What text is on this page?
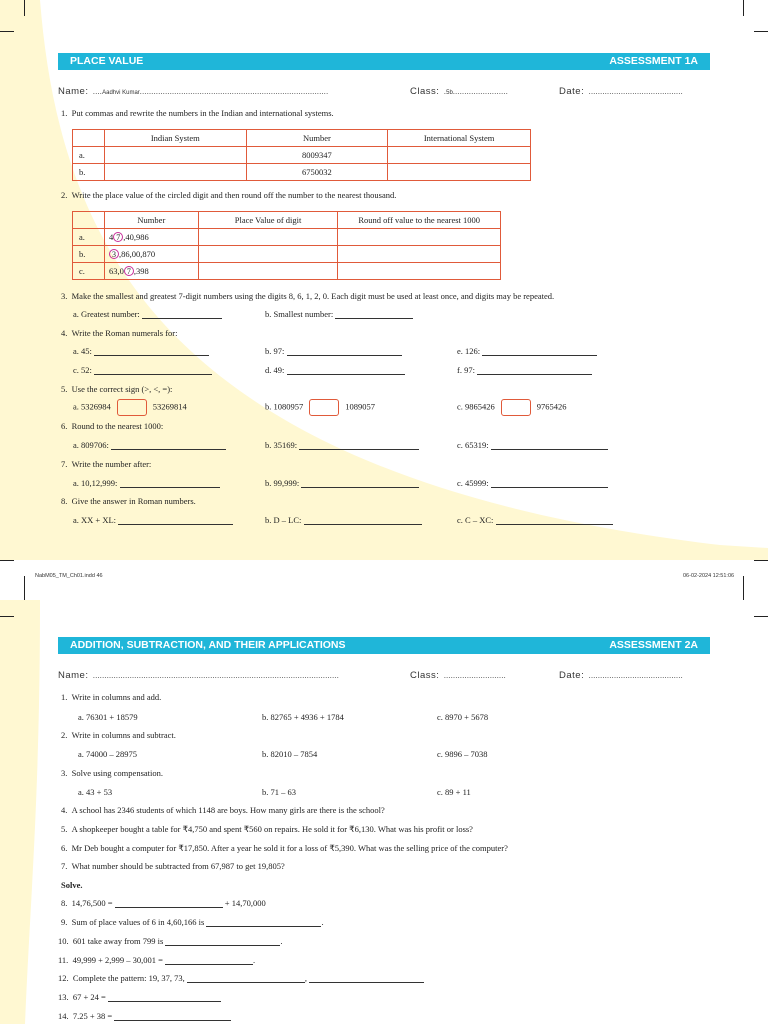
PLACE VALUE	ASSESSMENT 1A
Name:  ....Aadhvi Kumar..................................................................................	Class:  .5b........................	Date:  .........................................
1. Put commas and rewrite the numbers in the Indian and international systems.
	Indian System	Number	International System
a.		8009347	
b.		6750032	
2. Write the place value of the circled digit and then round off the number to the nearest thousand.
	Number	Place Value of digit	Round off value to the nearest 1000
a.	4 7 ,40,986		
b.	3 ,86,00,870		
c.	63,0 7 ,398		
3. Make the smallest and greatest 7-digit numbers using the digits 8, 6, 1, 2, 0. Each digit must be used at least once, and digits may be repeated.
a. Greatest number:	b. Smallest number:
4. Write the Roman numerals for:
a. 45:	b. 97:	e. 126:
c. 52:	d. 49:	f. 97:
5. Use the correct sign (>, <, =):
a. 5326984	53269814	b. 1080957	1089057	c. 9865426	9765426
6. Round to the nearest 1000:
a. 809706:	b. 35169:	c. 65319:
7. Write the number after:
a. 10,12,999:	b. 99,999:	c. 45999:
8. Give the answer in Roman numbers.
a. XX + XL:	b. D – LC:	c. C – XC:
NabM05_TM_Ch01.indd 46	06-02-2024 12:51:06
ADDITION, SUBTRACTION, AND THEIR APPLICATIONS	ASSESSMENT 2A
Name:  ...........................................................................................................	Class:  ...........................	Date:  .........................................
1. Write in columns and add.
a. 76301 + 18579	b. 82765 + 4936 + 1784	c. 8970 + 5678
2. Write in columns and subtract.
a. 74000 – 28975	b. 82010 – 7854	c. 9896 – 7038
3. Solve using compensation.
a. 43 + 53	b. 71 – 63	c. 89 + 11
4. A school has 2346 students of which 1148 are boys. How many girls are there is the school?
5. A shopkeeper bought a table for ₹4,750 and spent ₹560 on repairs. He sold it for ₹6,130. What was his profit or loss?
6. Mr Deb bought a computer for ₹17,850. After a year he sold it for a loss of ₹5,390. What was the selling price of the computer?
7. What number should be subtracted from 67,987 to get 19,805?
Solve.
8. 14,76,500 =	+ 14,70,000
9. Sum of place values of 6 in 4,60,166 is	.
10. 601 take away from 799 is	.
11. 49,999 + 2,999 – 30,001 =	.
12. Complete the pattern: 19, 37, 73,	,
13. 67 + 24 =
14. 7.25 + 38 =
